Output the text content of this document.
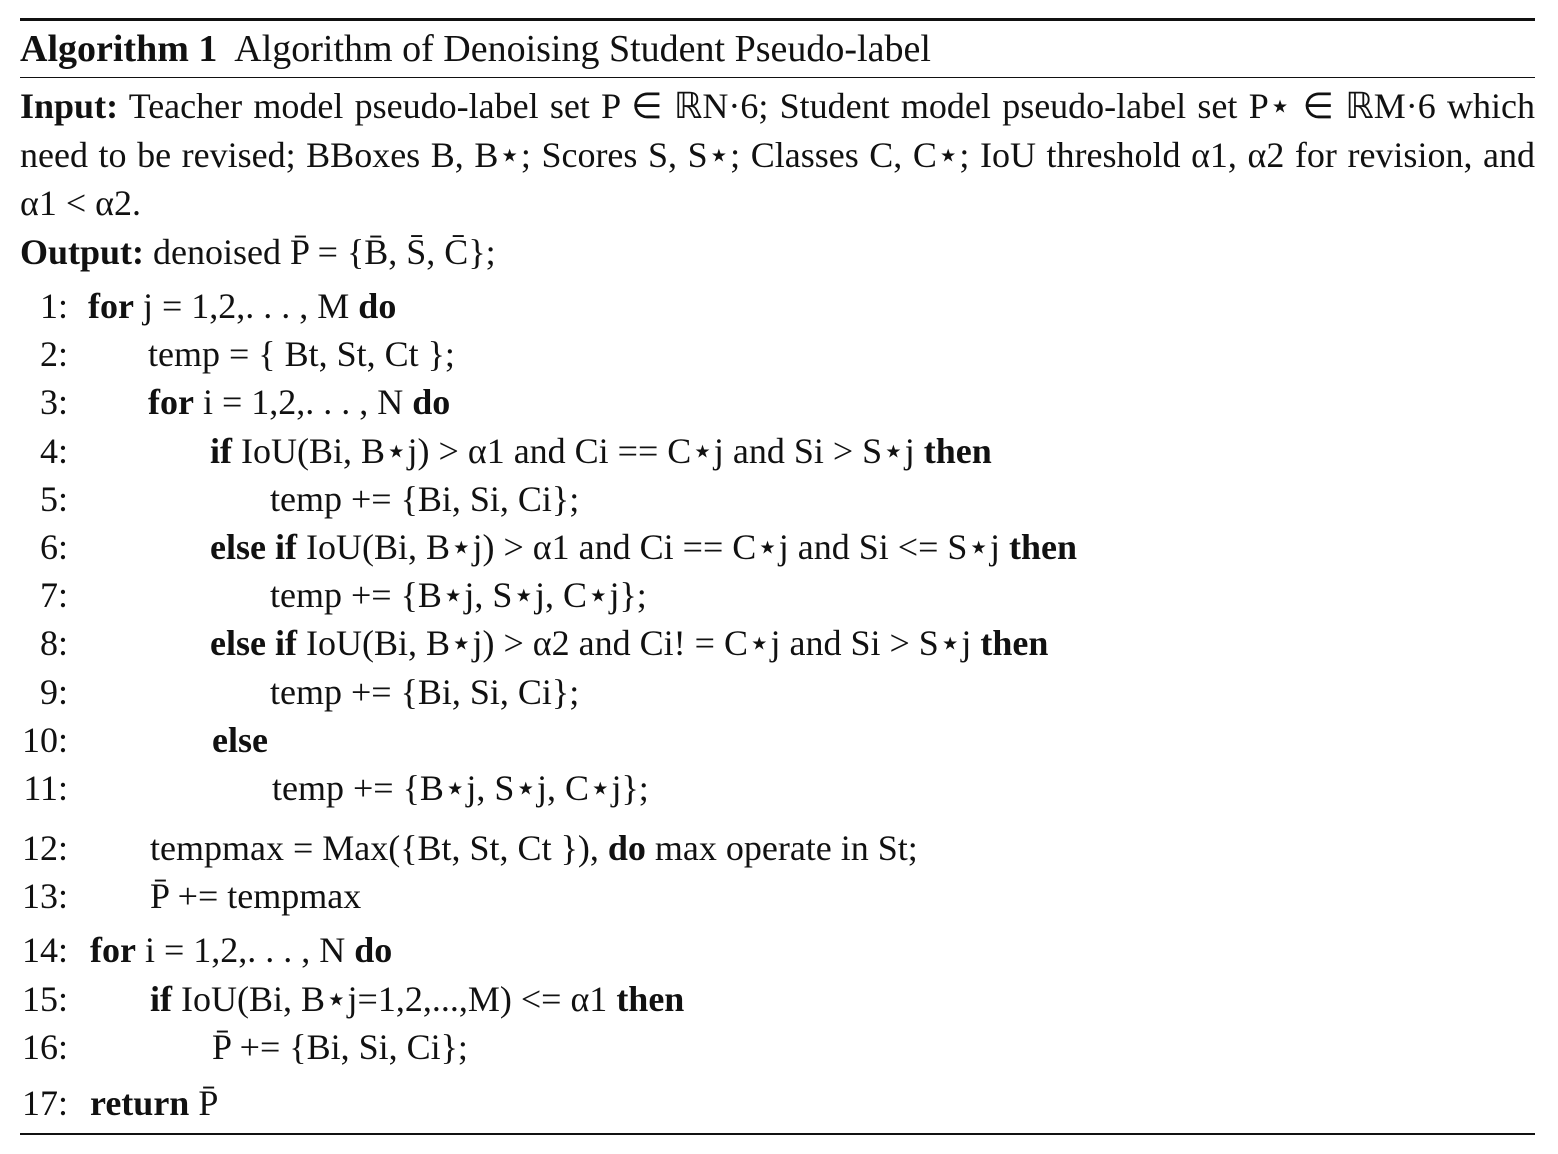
Algorithm 1 Algorithm of Denoising Student Pseudo-label
Input: Teacher model pseudo-label set P ∈ ℝN·6; Student model pseudo-label set P⋆ ∈ ℝM·6 which need to be revised; BBoxes B, B⋆; Scores S, S⋆; Classes C, C⋆; IoU threshold α1, α2 for revision, and α1 < α2.
Output: denoised P̄ = {B̄, S̄, C̄};
1: for j = 1,2,. . . , M do
2: temp = { Bt, St, Ct };
3: for i = 1,2,. . . , N do
4:	if IoU(Bi, B⋆j) > α1 and Ci == C⋆j and Si > S⋆j then
5:	temp += {Bi, Si, Ci};
6:	else if IoU(Bi, B⋆j) > α1 and Ci == C⋆j and Si <= S⋆j then
7:	temp += {B⋆j, S⋆j, C⋆j};
8:	else if IoU(Bi, B⋆j) > α2 and Ci! = C⋆j and Si > S⋆j then
9:	temp += {Bi, Si, Ci};
10:	else
11:	temp += {B⋆j, S⋆j, C⋆j};
12: tempmax = Max({Bt, St, Ct }), do max operate in St;
13: P̄ += tempmax
14: for i = 1,2,. . . , N do
15: if IoU(Bi, B⋆j=1,2,...,M) <= α1 then
16:	P̄ += {Bi, Si, Ci};
17: return P̄
